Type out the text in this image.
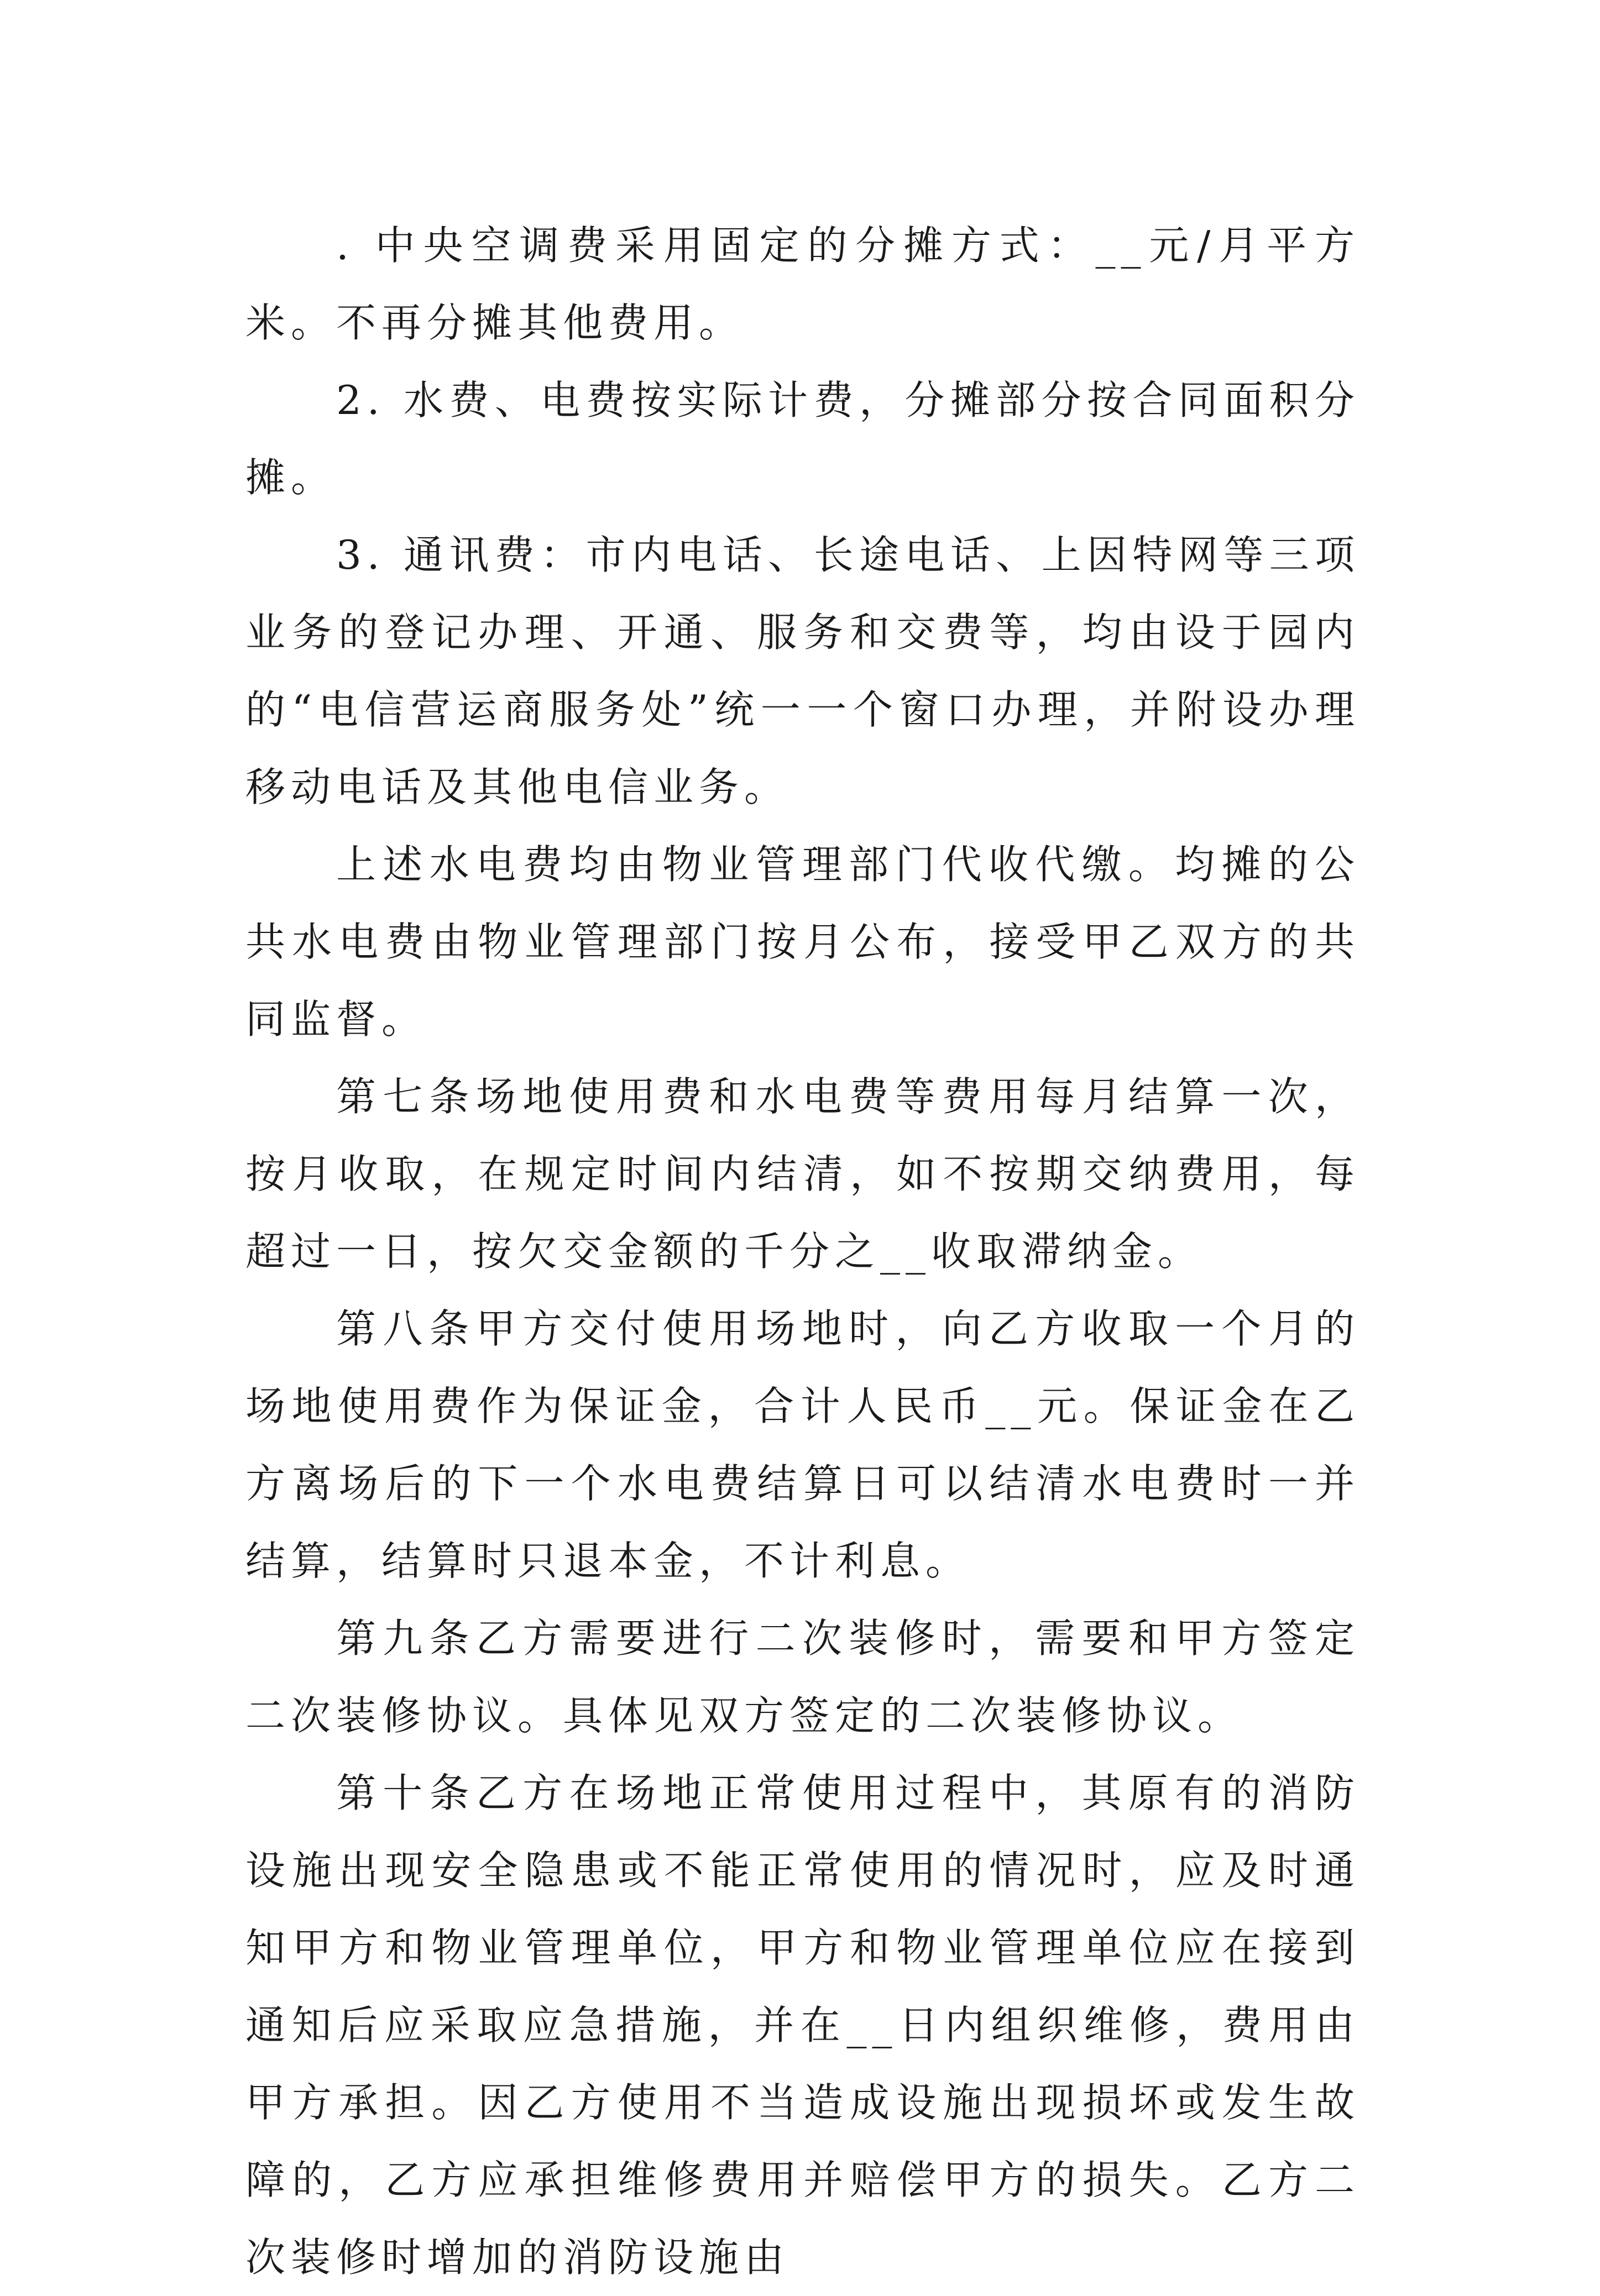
. 中央空调费采用固定的分摊方式：__元/月平方米。不再分摊其他费用。

2. 水费、电费按实际计费，分摊部分按合同面积分摊。

3. 通讯费：市内电话、长途电话、上因特网等三项业务的登记办理、开通、服务和交费等，均由设于园内的“电信营运商服务处”统一一个窗口办理，并附设办理移动电话及其他电信业务。

上述水电费均由物业管理部门代收代缴。均摊的公共水电费由物业管理部门按月公布，接受甲乙双方的共同监督。

第七条场地使用费和水电费等费用每月结算一次，按月收取，在规定时间内结清，如不按期交纳费用，每超过一日，按欠交金额的千分之__收取滞纳金。

第八条甲方交付使用场地时，向乙方收取一个月的场地使用费作为保证金，合计人民币__元。保证金在乙方离场后的下一个水电费结算日可以结清水电费时一并结算，结算时只退本金，不计利息。

第九条乙方需要进行二次装修时，需要和甲方签定二次装修协议。具体见双方签定的二次装修协议。

第十条乙方在场地正常使用过程中，其原有的消防设施出现安全隐患或不能正常使用的情况时，应及时通知甲方和物业管理单位，甲方和物业管理单位应在接到通知后应采取应急措施，并在__日内组织维修，费用由甲方承担。因乙方使用不当造成设施出现损坏或发生故障的，乙方应承担维修费用并赔偿甲方的损失。乙方二次装修时增加的消防设施由
